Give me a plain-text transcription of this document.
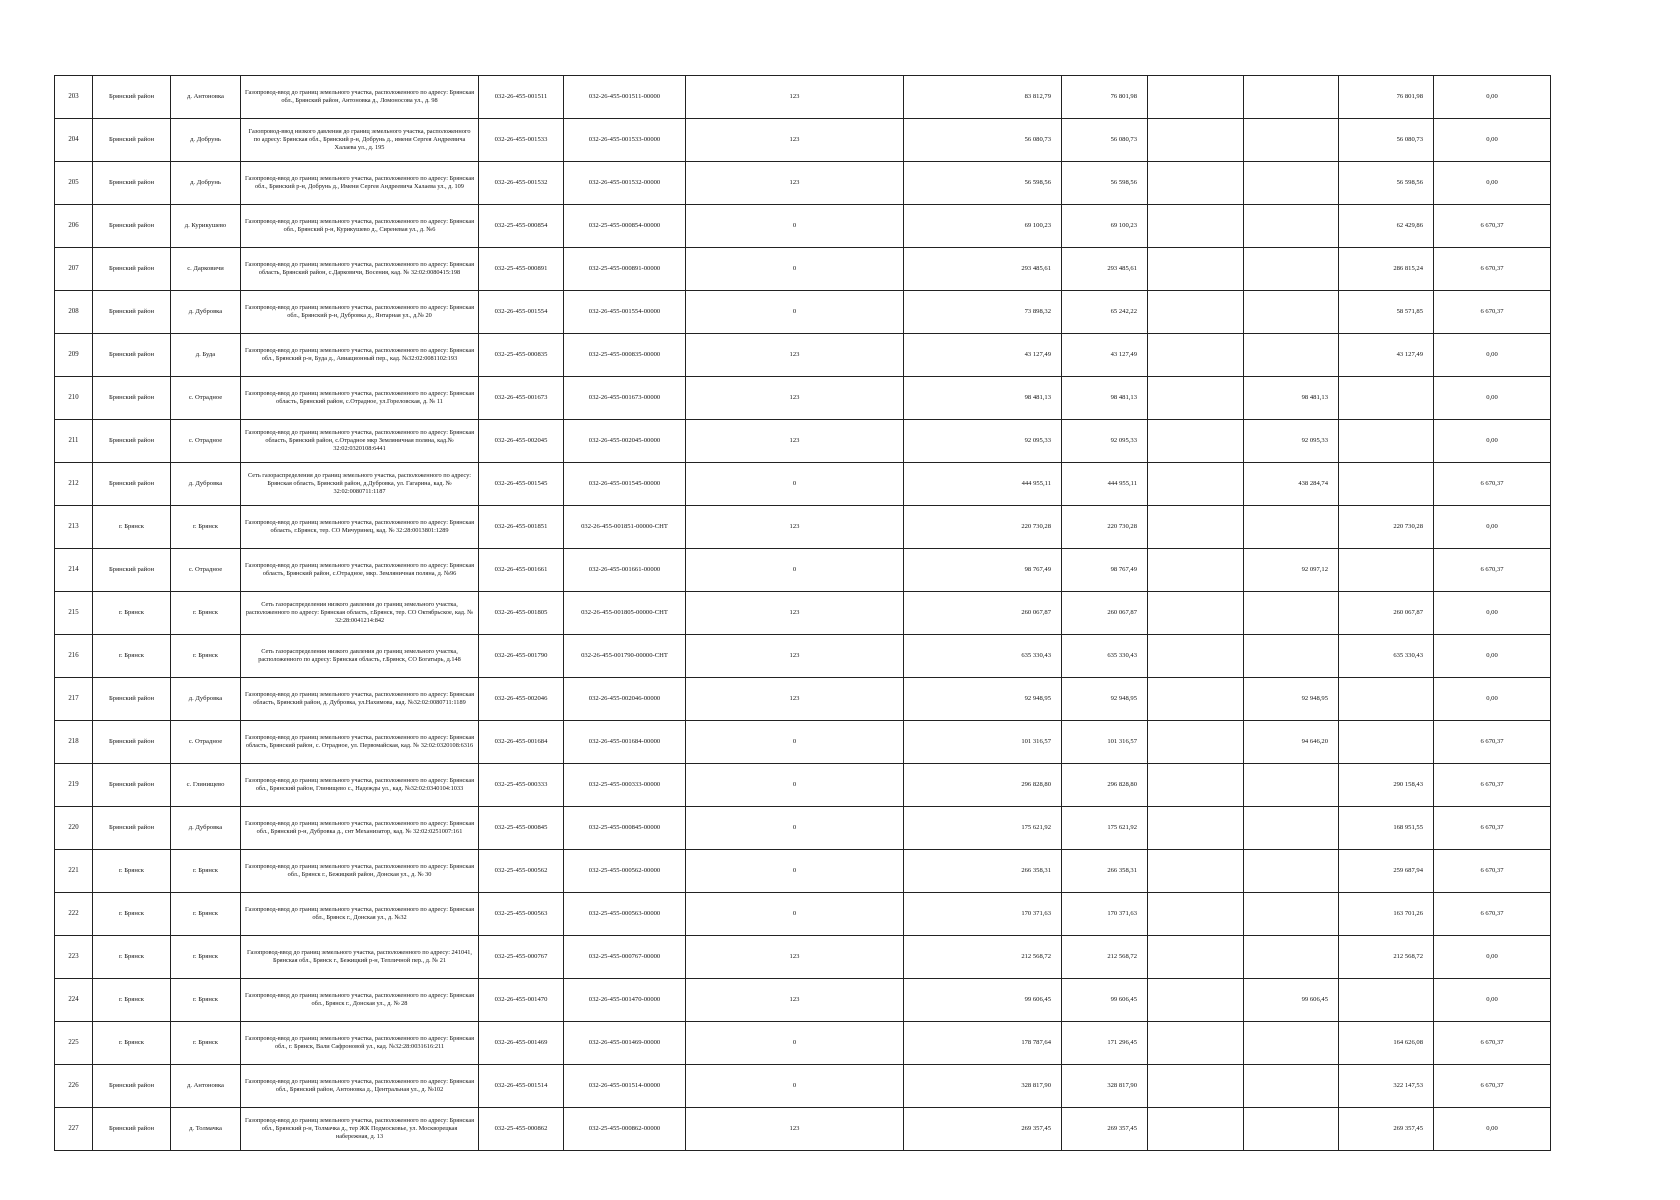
203	Брянский район	д. Антоновка	Газопровод-ввод до границ земельного участка, расположенного по адресу: Брянская обл., Брянский район, Антоновка д., Ломоносова ул., д. 98	032-26-455-001511	032-26-455-001511-00000	123	83 812,79	76 801,98			76 801,98	0,00
204	Брянский район	д. Добрунь	Газопровод-ввод низкого давления до границ земельного участка, расположенного по адресу: Брянская обл., Брянский р-н, Добрунь д., имени Сергея Андреевича Халаева ул., д. 195	032-26-455-001533	032-26-455-001533-00000	123	56 080,73	56 080,73			56 080,73	0,00
205	Брянский район	д. Добрунь	Газопровод-ввод до границ земельного участка, расположенного по адресу: Брянская обл., Брянский р-н, Добрунь д., Имени Сергея Андреевича Халаева ул., д. 109	032-26-455-001532	032-26-455-001532-00000	123	56 598,56	56 598,56			56 598,56	0,00
206	Брянский район	д. Курикушево	Газопровод-ввод до границ земельного участка, расположенного по адресу: Брянская обл., Брянский р-н, Курикушево д., Сиреневая ул., д. №6	032-25-455-000854	032-25-455-000854-00000	0	69 100,23	69 100,23			62 429,86	6 670,37
207	Брянский район	с. Дарковичи	Газопровод-ввод до границ земельного участка, расположенного по адресу: Брянская область, Брянский район, с.Дарковичи, Восения, кад. № 32:02:0080415:198	032-25-455-000891	032-25-455-000891-00000	0	293 485,61	293 485,61			286 815,24	6 670,37
208	Брянский район	д. Дубровка	Газопровод-ввод до границ земельного участка, расположенного по адресу: Брянская обл., Брянский р-н, Дубровка д., Янтарная ул., д.№ 20	032-26-455-001554	032-26-455-001554-00000	0	73 898,32	65 242,22			58 571,85	6 670,37
209	Брянский район	д. Буда	Газопровод-ввод до границ земельного участка, расположенного по адресу: Брянская обл., Брянский р-н, Буда д., Авиационный пер., кад. №32:02:0081102:193	032-25-455-000835	032-25-455-000835-00000	123	43 127,49	43 127,49			43 127,49	0,00
210	Брянский район	с. Отрадное	Газопровод-ввод до границ земельного участка, расположенного по адресу: Брянская область, Брянский район, с.Отрадное, ул.Гореловская, д. № 11	032-26-455-001673	032-26-455-001673-00000	123	98 481,13	98 481,13		98 481,13		0,00
211	Брянский район	с. Отрадное	Газопровод-ввод до границ земельного участка, расположенного по адресу: Брянская область, Брянский район, с.Отрадное мкр Земляничная поляна, кад.№ 32:02:0320108:6441	032-26-455-002045	032-26-455-002045-00000	123	92 095,33	92 095,33		92 095,33		0,00
212	Брянский район	д. Дубровка	Сеть газораспределения до границ земельного участка, расположенного по адресу: Брянская область, Брянский район, д.Дубровка, ул. Гагарина, кад. № 32:02:0080711:1187	032-26-455-001545	032-26-455-001545-00000	0	444 955,11	444 955,11		438 284,74		6 670,37
213	г. Брянск	г. Брянск	Газопровод-ввод до границ земельного участка, расположенного по адресу: Брянская область, г.Брянск, тер. СО Мичуринец, кад. № 32:28:0013801:1289	032-26-455-001851	032-26-455-001851-00000-СНТ	123	220 730,28	220 730,28			220 730,28	0,00
214	Брянский район	с. Отрадное	Газопровод-ввод до границ земельного участка, расположенного по адресу: Брянская область, Брянский район, с.Отрадное, мкр. Земляничная поляна, д. №96	032-26-455-001661	032-26-455-001661-00000	0	98 767,49	98 767,49		92 097,12		6 670,37
215	г. Брянск	г. Брянск	Сеть газораспределения низкого давления до границ земельного участка, расположенного по адресу: Брянская область, г.Брянск, тер. СО Октябрьское, кад. № 32:28:0041214:842	032-26-455-001805	032-26-455-001805-00000-СНТ	123	260 067,87	260 067,87			260 067,87	0,00
216	г. Брянск	г. Брянск	Сеть газораспределения низкого давления до границ земельного участка, расположенного по адресу: Брянская область, г.Брянск, СО Богатырь, д.148	032-26-455-001790	032-26-455-001790-00000-СНТ	123	635 330,43	635 330,43			635 330,43	0,00
217	Брянский район	д. Дубровка	Газопровод-ввод до границ земельного участка, расположенного по адресу: Брянская область, Брянский район, д. Дубровка, ул.Нахимова, кад. №32:02:0080711:1189	032-26-455-002046	032-26-455-002046-00000	123	92 948,95	92 948,95		92 948,95		0,00
218	Брянский район	с. Отрадное	Газопровод-ввод до границ земельного участка, расположенного по адресу: Брянская область, Брянский район, с. Отрадное, ул. Первомайская, кад. № 32:02:0320108:6316	032-26-455-001684	032-26-455-001684-00000	0	101 316,57	101 316,57		94 646,20		6 670,37
219	Брянский район	с. Глинищево	Газопровод-ввод до границ земельного участка, расположенного по адресу: Брянская обл., Брянский район, Глинищево с., Надежды ул., кад. №32:02:0340104:1033	032-25-455-000333	032-25-455-000333-00000	0	296 828,80	296 828,80			290 158,43	6 670,37
220	Брянский район	д. Дубровка	Газопровод-ввод до границ земельного участка, расположенного по адресу: Брянская обл., Брянский р-н, Дубровка д., снт Механизатор, кад. № 32:02:0251007:161	032-25-455-000845	032-25-455-000845-00000	0	175 621,92	175 621,92			168 951,55	6 670,37
221	г. Брянск	г. Брянск	Газопровод-ввод до границ земельного участка, расположенного по адресу: Брянская обл., Брянск г., Бежицкий район, Донская ул., д. № 30	032-25-455-000562	032-25-455-000562-00000	0	266 358,31	266 358,31			259 687,94	6 670,37
222	г. Брянск	г. Брянск	Газопровод-ввод до границ земельного участка, расположенного по адресу: Брянская обл., Брянск г., Донская ул., д. №32	032-25-455-000563	032-25-455-000563-00000	0	170 371,63	170 371,63			163 701,26	6 670,37
223	г. Брянск	г. Брянск	Газопровод-ввод до границ земельного участка, расположенного по адресу: 241041, Брянская обл., Брянск г., Бежицкий р-н, Тепличной пер., д. № 21	032-25-455-000767	032-25-455-000767-00000	123	212 568,72	212 568,72			212 568,72	0,00
224	г. Брянск	г. Брянск	Газопровод-ввод до границ земельного участка, расположенного по адресу: Брянская обл., Брянск г., Донская ул., д. № 28	032-26-455-001470	032-26-455-001470-00000	123	99 606,45	99 606,45		99 606,45		0,00
225	г. Брянск	г. Брянск	Газопровод-ввод до границ земельного участка, расположенного по адресу: Брянская обл., г. Брянск, Вали Сафроновой ул., кад. №32:28:0031616:211	032-26-455-001469	032-26-455-001469-00000	0	178 787,64	171 296,45			164 626,08	6 670,37
226	Брянский район	д. Антоновка	Газопровод-ввод до границ земельного участка, расположенного по адресу: Брянская обл., Брянский район, Антоновка д., Центральная ул., д. №102	032-26-455-001514	032-26-455-001514-00000	0	328 817,90	328 817,90			322 147,53	6 670,37
227	Брянский район	д. Толмачка	Газопровод-ввод до границ земельного участка, расположенного по адресу: Брянская обл., Брянский р-н, Толмачка д., тер ЖК Подмосковье, ул. Москворецкая набережная, д. 13	032-25-455-000862	032-25-455-000862-00000	123	269 357,45	269 357,45			269 357,45	0,00
